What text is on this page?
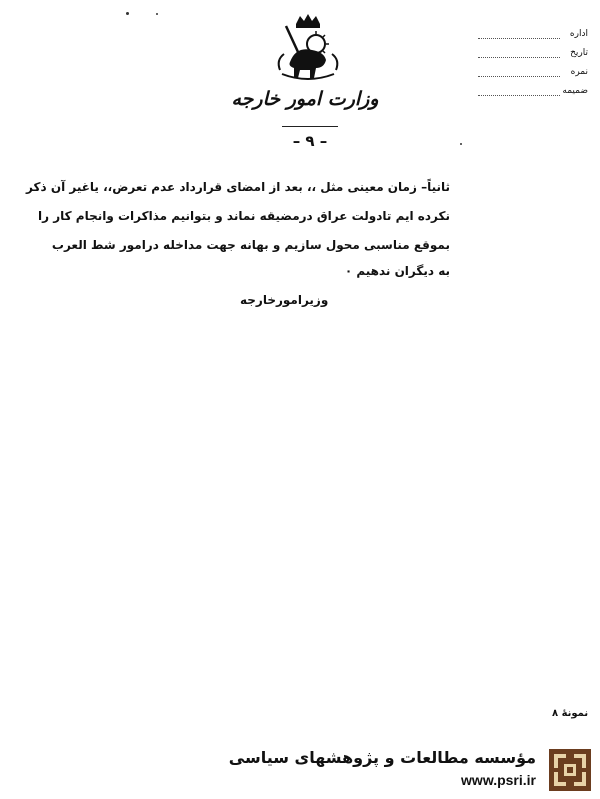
وزارت امور خارجه
– ۹ –
اداره
تاریخ
نمره
ضمیمه
ثانیاً– زمان معینی مثل ،، بعد از امضای قرارداد عدم تعرض،، یاغیر آن ذکر
نکرده ایم تادولت عراق درمضیقه نماند و بتوانیم مذاکرات وانجام کار را
بموقع مناسبی محول سازیم و بهانه جهت مداخله درامور شط العرب
به دیگران ندهیم ۰
وزیرامورخارجه
نمونهٔ ۸
مؤسسه مطالعات و پژوهشهای سیاسی
www.psri.ir
